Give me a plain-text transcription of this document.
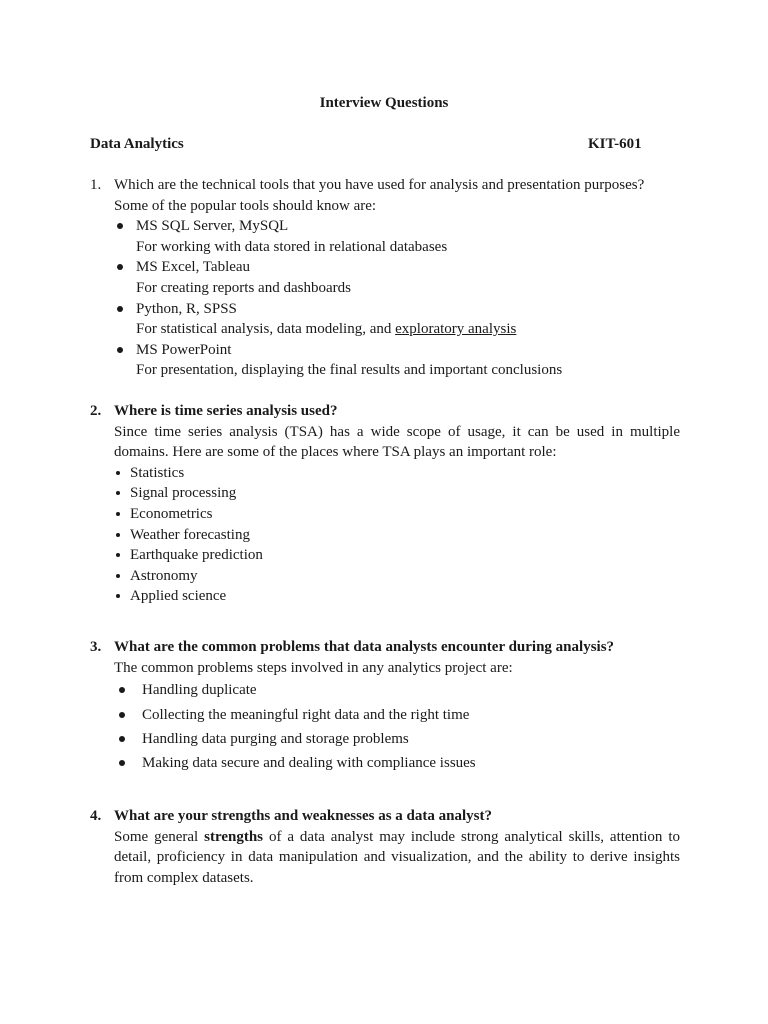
Interview Questions
Data Analytics	KIT-601
1. Which are the technical tools that you have used for analysis and presentation purposes?
Some of the popular tools should know are:
MS SQL Server, MySQL
For working with data stored in relational databases
MS Excel, Tableau
For creating reports and dashboards
Python, R, SPSS
For statistical analysis, data modeling, and exploratory analysis
MS PowerPoint
For presentation, displaying the final results and important conclusions
2. Where is time series analysis used?
Since time series analysis (TSA) has a wide scope of usage, it can be used in multiple domains. Here are some of the places where TSA plays an important role:
Statistics
Signal processing
Econometrics
Weather forecasting
Earthquake prediction
Astronomy
Applied science
3. What are the common problems that data analysts encounter during analysis?
The common problems steps involved in any analytics project are:
Handling duplicate
Collecting the meaningful right data and the right time
Handling data purging and storage problems
Making data secure and dealing with compliance issues
4. What are your strengths and weaknesses as a data analyst?
Some general strengths of a data analyst may include strong analytical skills, attention to detail, proficiency in data manipulation and visualization, and the ability to derive insights from complex datasets.
